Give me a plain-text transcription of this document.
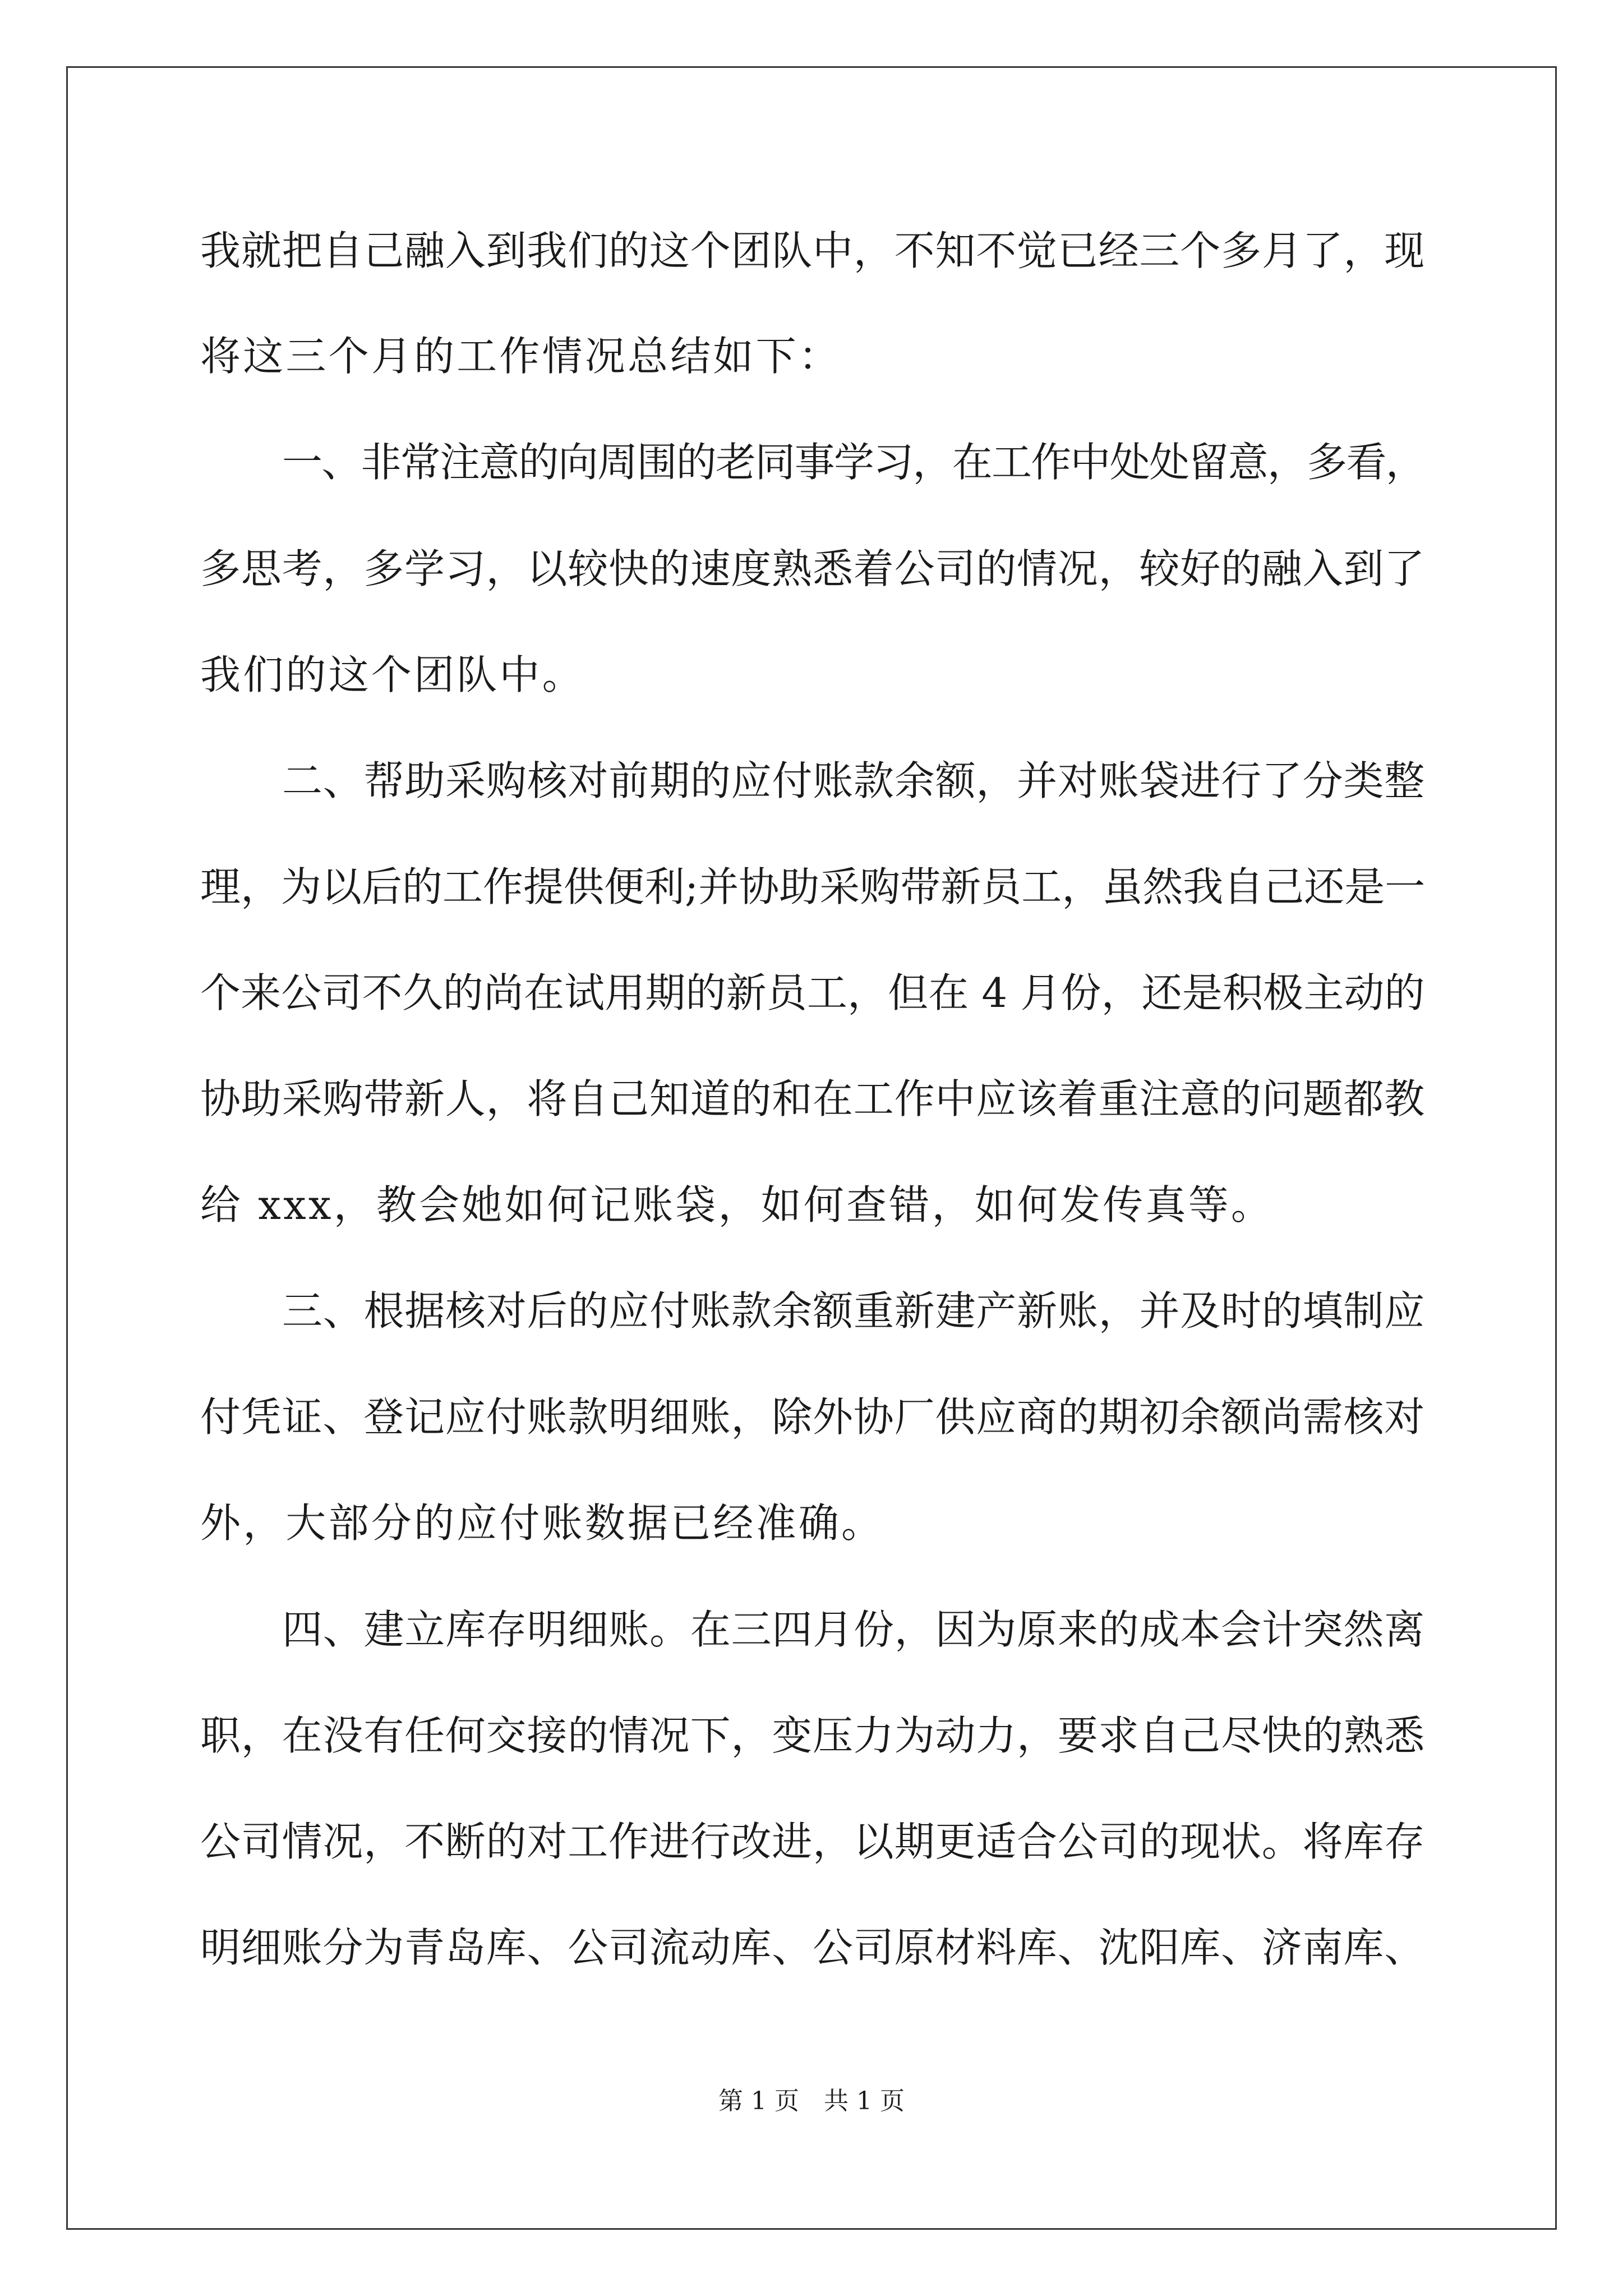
我就把自己融入到我们的这个团队中，不知不觉已经三个多月了，现
将这三个月的工作情况总结如下：
一、非常注意的向周围的老同事学习，在工作中处处留意，多看，
多思考，多学习，以较快的速度熟悉着公司的情况，较好的融入到了
我们的这个团队中。
二、帮助采购核对前期的应付账款余额，并对账袋进行了分类整
理，为以后的工作提供便利;并协助采购带新员工，虽然我自己还是一
个来公司不久的尚在试用期的新员工，但在 4 月份，还是积极主动的
协助采购带新人，将自己知道的和在工作中应该着重注意的问题都教
给 xxx，教会她如何记账袋，如何查错，如何发传真等。
三、根据核对后的应付账款余额重新建产新账，并及时的填制应
付凭证、登记应付账款明细账，除外协厂供应商的期初余额尚需核对
外，大部分的应付账数据已经准确。
四、建立库存明细账。在三四月份，因为原来的成本会计突然离
职，在没有任何交接的情况下，变压力为动力，要求自己尽快的熟悉
公司情况，不断的对工作进行改进，以期更适合公司的现状。将库存
明细账分为青岛库、公司流动库、公司原材料库、沈阳库、济南库、
第 1 页 共 1 页
